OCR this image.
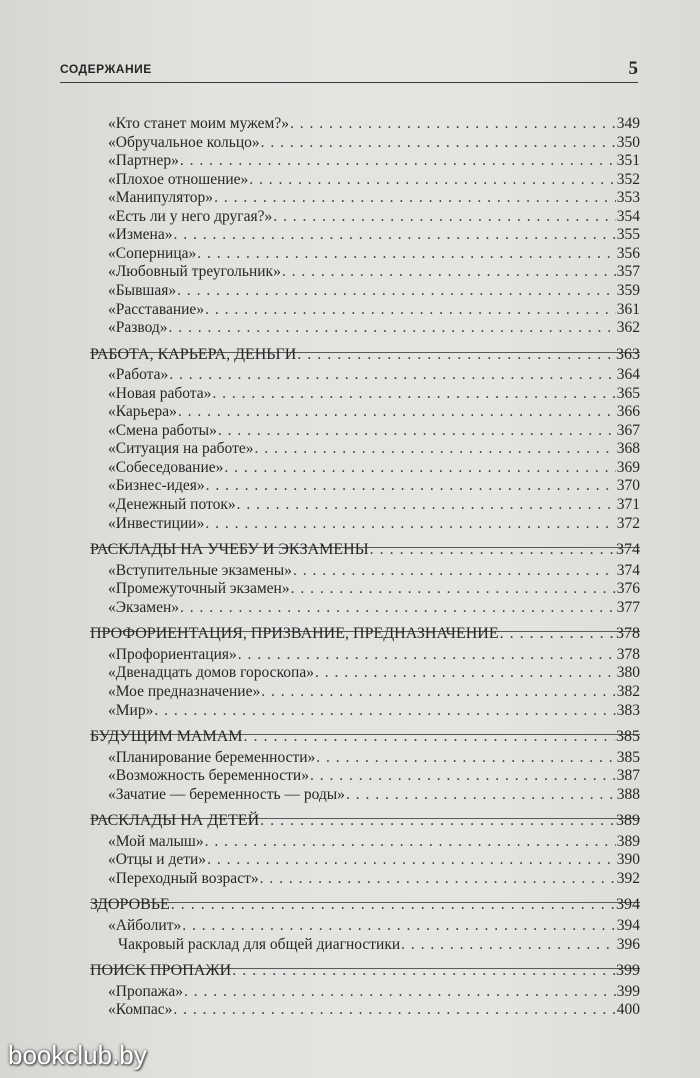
СОДЕРЖАНИЕ	5
«Кто станет моим мужем?» . . .	349
«Обручальное кольцо» . . .	350
«Партнер» . . .	351
«Плохое отношение» . . .	352
«Манипулятор» . . .	353
«Есть ли у него другая?» . . .	354
«Измена» . . .	355
«Соперница» . . .	356
«Любовный треугольник» . . .	357
«Бывшая» . . .	359
«Расставание» . . .	361
«Развод» . . .	362
РАБОТА, КАРЬЕРА, ДЕНЬГИ . . .	363
«Работа» . . .	364
«Новая работа» . . .	365
«Карьера» . . .	366
«Смена работы» . . .	367
«Ситуация на работе» . . .	368
«Собеседование» . . .	369
«Бизнес-идея» . . .	370
«Денежный поток» . . .	371
«Инвестиции» . . .	372
РАСКЛАДЫ НА УЧЕБУ И ЭКЗАМЕНЫ . . .	374
«Вступительные экзамены» . . .	374
«Промежуточный экзамен» . . .	376
«Экзамен» . . .	377
ПРОФОРИЕНТАЦИЯ, ПРИЗВАНИЕ, ПРЕДНАЗНАЧЕНИЕ . . .	378
«Профориентация» . . .	378
«Двенадцать домов гороскопа» . . .	380
«Мое предназначение» . . .	382
«Мир» . . .	383
БУДУЩИМ МАМАМ . . .	385
«Планирование беременности» . . .	385
«Возможность беременности» . . .	387
«Зачатие — беременность — роды» . . .	388
РАСКЛАДЫ НА ДЕТЕЙ . . .	389
«Мой малыш» . . .	389
«Отцы и дети» . . .	390
«Переходный возраст» . . .	392
ЗДОРОВЬЕ . . .	394
«Айболит» . . .	394
Чакровый расклад для общей диагностики . . .	396
ПОИСК ПРОПАЖИ . . .	399
«Пропажа» . . .	399
«Компас» . . .	400
bookclub.by
